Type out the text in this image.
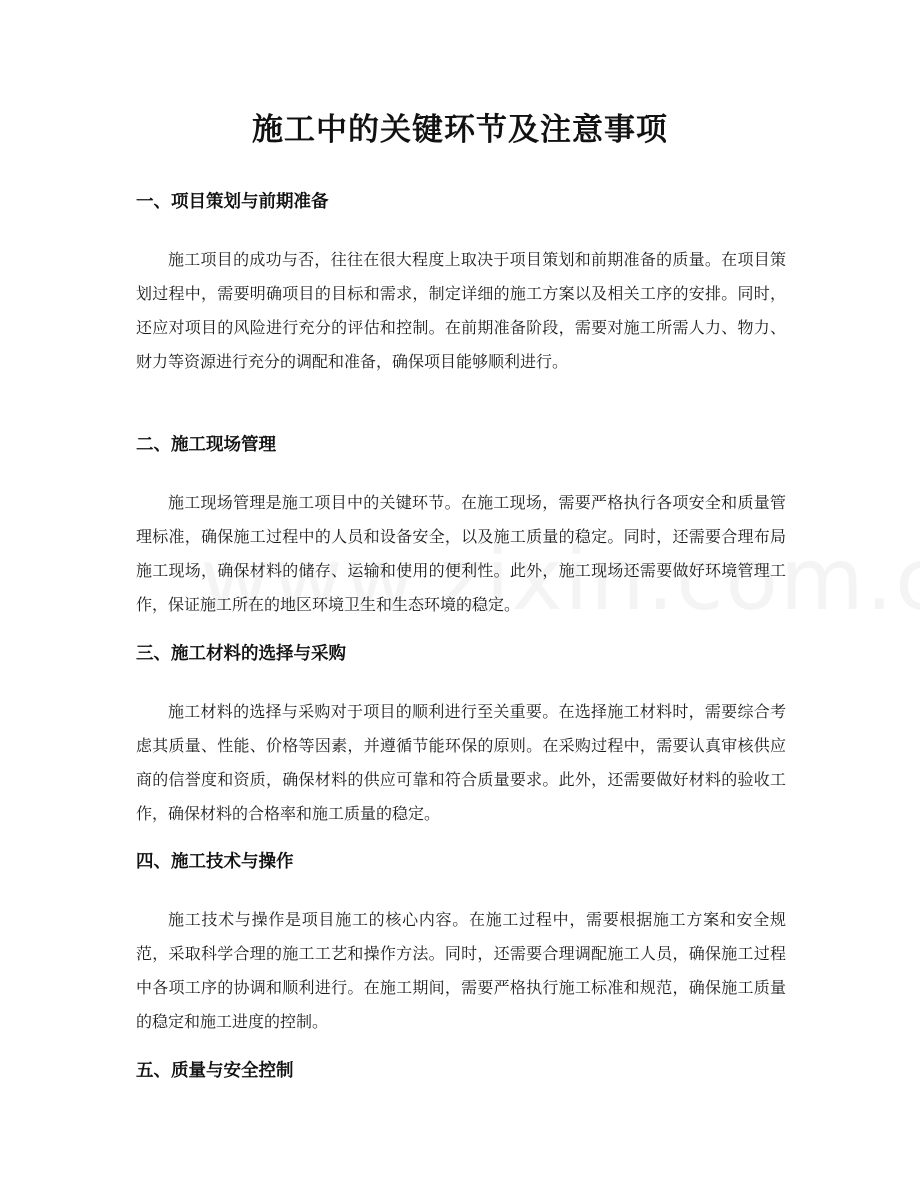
施工中的关键环节及注意事项
一、项目策划与前期准备

施工项目的成功与否，往往在很大程度上取决于项目策划和前期准备的质量。在项目策划过程中，需要明确项目的目标和需求，制定详细的施工方案以及相关工序的安排。同时，还应对项目的风险进行充分的评估和控制。在前期准备阶段，需要对施工所需人力、物力、财力等资源进行充分的调配和准备，确保项目能够顺利进行。

二、施工现场管理

施工现场管理是施工项目中的关键环节。在施工现场，需要严格执行各项安全和质量管理标准，确保施工过程中的人员和设备安全，以及施工质量的稳定。同时，还需要合理布局施工现场，确保材料的储存、运输和使用的便利性。此外，施工现场还需要做好环境管理工作，保证施工所在的地区环境卫生和生态环境的稳定。

三、施工材料的选择与采购

施工材料的选择与采购对于项目的顺利进行至关重要。在选择施工材料时，需要综合考虑其质量、性能、价格等因素，并遵循节能环保的原则。在采购过程中，需要认真审核供应商的信誉度和资质，确保材料的供应可靠和符合质量要求。此外，还需要做好材料的验收工作，确保材料的合格率和施工质量的稳定。

四、施工技术与操作

施工技术与操作是项目施工的核心内容。在施工过程中，需要根据施工方案和安全规范，采取科学合理的施工工艺和操作方法。同时，还需要合理调配施工人员，确保施工过程中各项工序的协调和顺利进行。在施工期间，需要严格执行施工标准和规范，确保施工质量的稳定和施工进度的控制。

五、质量与安全控制
